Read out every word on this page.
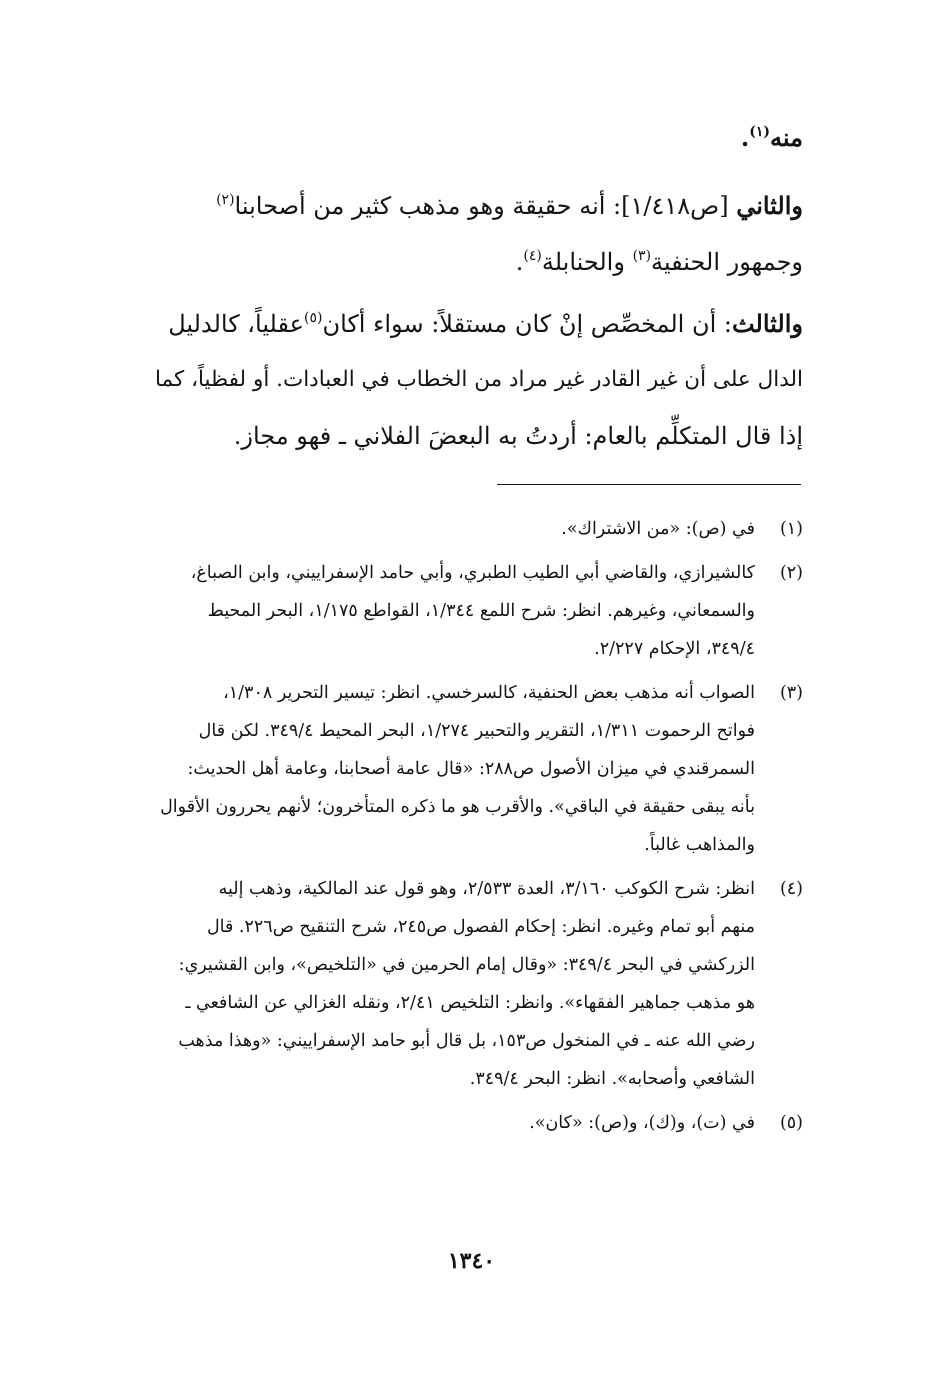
منه$^{(١)}$.
والثاني [ص١/٤١٨]: أنه حقيقة وهو مذهب كثير من أصحابنا$^{(٢)}$
وجمهور الحنفية$^{(٣)}$ والحنابلة$^{(٤)}$.
والثالث: أن المخصِّص إنْ كان مستقلاً: سواء أكان$^{(٥)}$عقلياً، كالدليل
الدال على أن غير القادر غير مراد من الخطاب في العبادات. أو لفظياً، كما
إذا قال المتكلِّم بالعام: أردتُ به البعضَ الفلاني ـ فهو مجاز.
(١)
في (ص): «من الاشتراك».
(٢)
كالشيرازي، والقاضي أبي الطيب الطبري، وأبي حامد الإسفراييني، وابن الصباغ،
والسمعاني، وغيرهم. انظر: شرح اللمع ١/٣٤٤، القواطع ١/١٧٥، البحر المحيط
٣٤٩/٤، الإحكام ٢/٢٢٧.
(٣)
الصواب أنه مذهب بعض الحنفية، كالسرخسي. انظر: تيسير التحرير ١/٣٠٨،
فواتح الرحموت ١/٣١١، التقرير والتحبير ١/٢٧٤، البحر المحيط ٣٤٩/٤. لكن قال
السمرقندي في ميزان الأصول ص٢٨٨: «قال عامة أصحابنا، وعامة أهل الحديث:
بأنه يبقى حقيقة في الباقي». والأقرب هو ما ذكره المتأخرون؛ لأنهم يحررون الأقوال
والمذاهب غالباً.
(٤)
انظر: شرح الكوكب ٣/١٦٠، العدة ٢/٥٣٣، وهو قول عند المالكية، وذهب إليه
منهم أبو تمام وغيره. انظر: إحكام الفصول ص٢٤٥، شرح التنقيح ص٢٢٦. قال
الزركشي في البحر ٣٤٩/٤: «وقال إمام الحرمين في «التلخيص»، وابن القشيري:
هو مذهب جماهير الفقهاء». وانظر: التلخيص ٢/٤١، ونقله الغزالي عن الشافعي ـ
رضي الله عنه ـ في المنخول ص١٥٣، بل قال أبو حامد الإسفراييني: «وهذا مذهب
الشافعي وأصحابه». انظر: البحر ٣٤٩/٤.
(٥)
في (ت)، و(ك)، و(ص): «كان».
١٣٤٠
